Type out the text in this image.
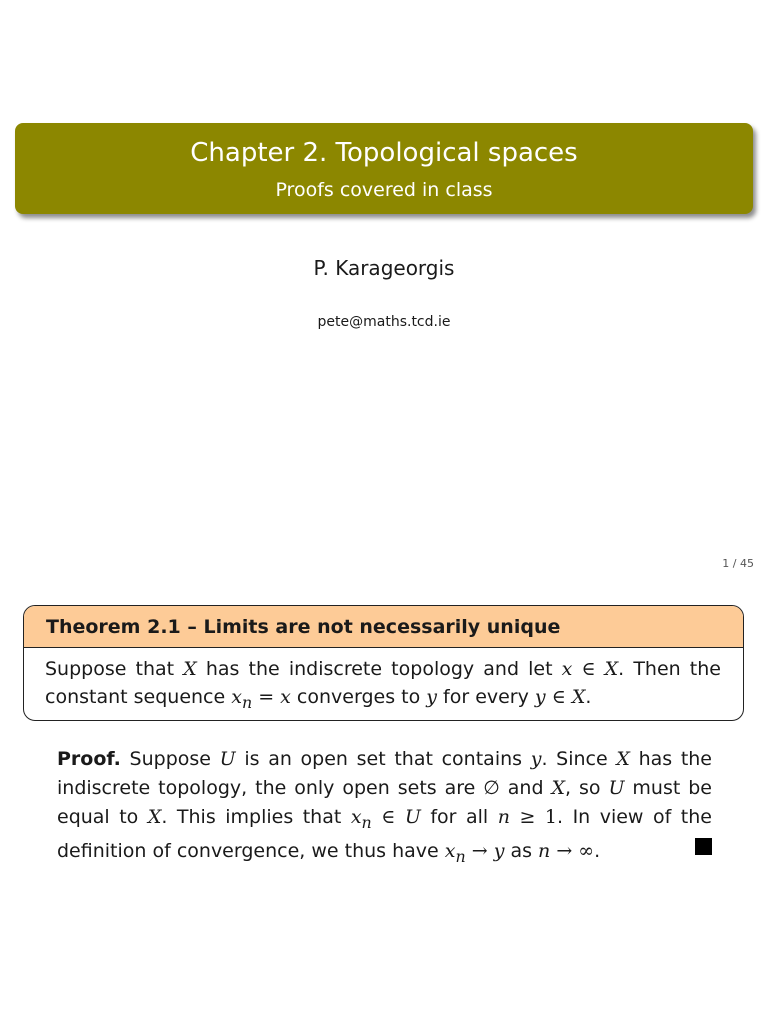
Chapter 2. Topological spaces
Proofs covered in class
P. Karageorgis
pete@maths.tcd.ie
1 / 45
Theorem 2.1 – Limits are not necessarily unique
Suppose that X has the indiscrete topology and let x ∈ X. Then the constant sequence $x_n = x$ converges to y for every y ∈ X.
Proof. Suppose U is an open set that contains y. Since X has the indiscrete topology, the only open sets are ∅ and X, so U must be equal to X. This implies that $x_n$ ∈ U for all n ≥ 1. In view of the definition of convergence, we thus have $x_n \to y$ as n → ∞.
